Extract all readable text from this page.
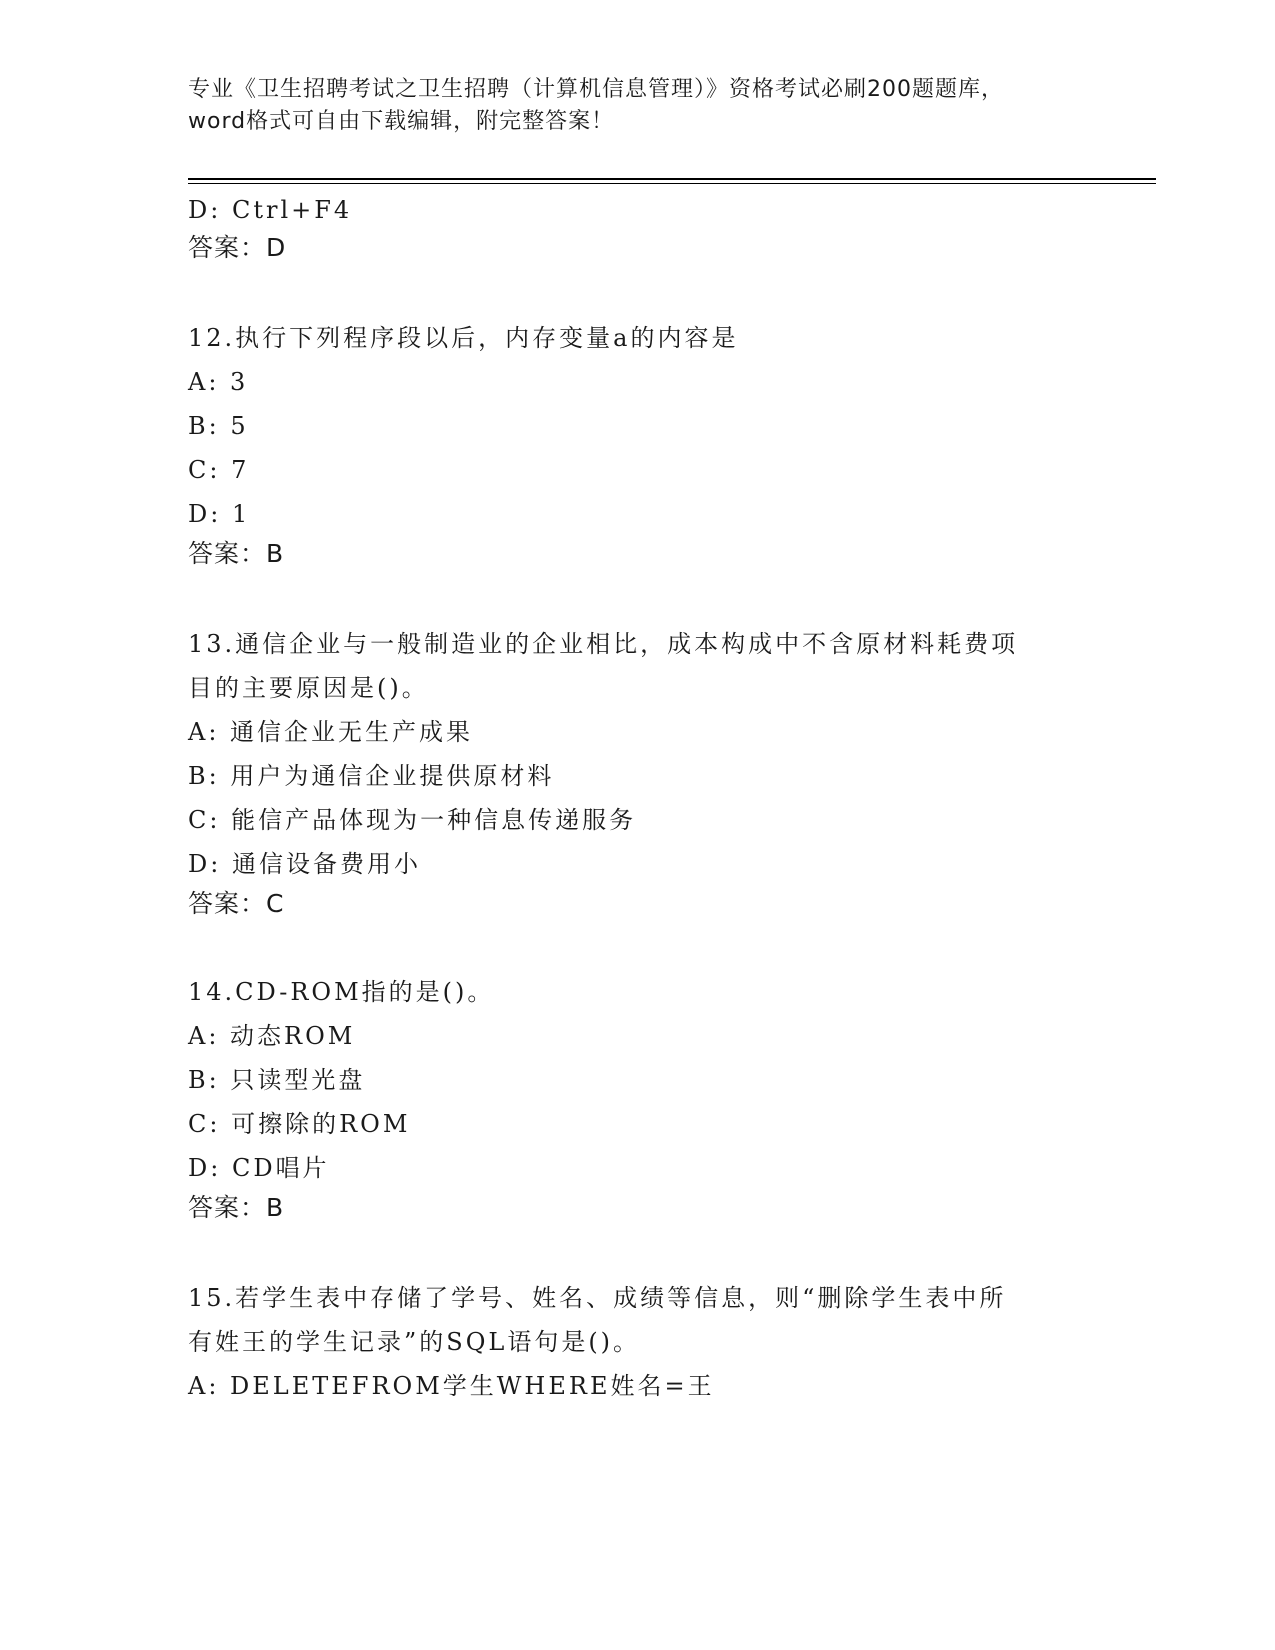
专业《卫生招聘考试之卫生招聘（计算机信息管理）》资格考试必刷200题题库，
word格式可自由下载编辑，附完整答案！
D: Ctrl+F4
答案：D
12.执行下列程序段以后，内存变量a的内容是
A: 3
B: 5
C: 7
D: 1
答案：B
13.通信企业与一般制造业的企业相比，成本构成中不含原材料耗费项
目的主要原因是()。
A: 通信企业无生产成果
B: 用户为通信企业提供原材料
C: 能信产品体现为一种信息传递服务
D: 通信设备费用小
答案：C
14.CD-ROM指的是()。
A: 动态ROM
B: 只读型光盘
C: 可擦除的ROM
D: CD唱片
答案：B
15.若学生表中存储了学号、姓名、成绩等信息，则“删除学生表中所
有姓王的学生记录”的SQL语句是()。
A: DELETEFROM学生WHERE姓名=王
